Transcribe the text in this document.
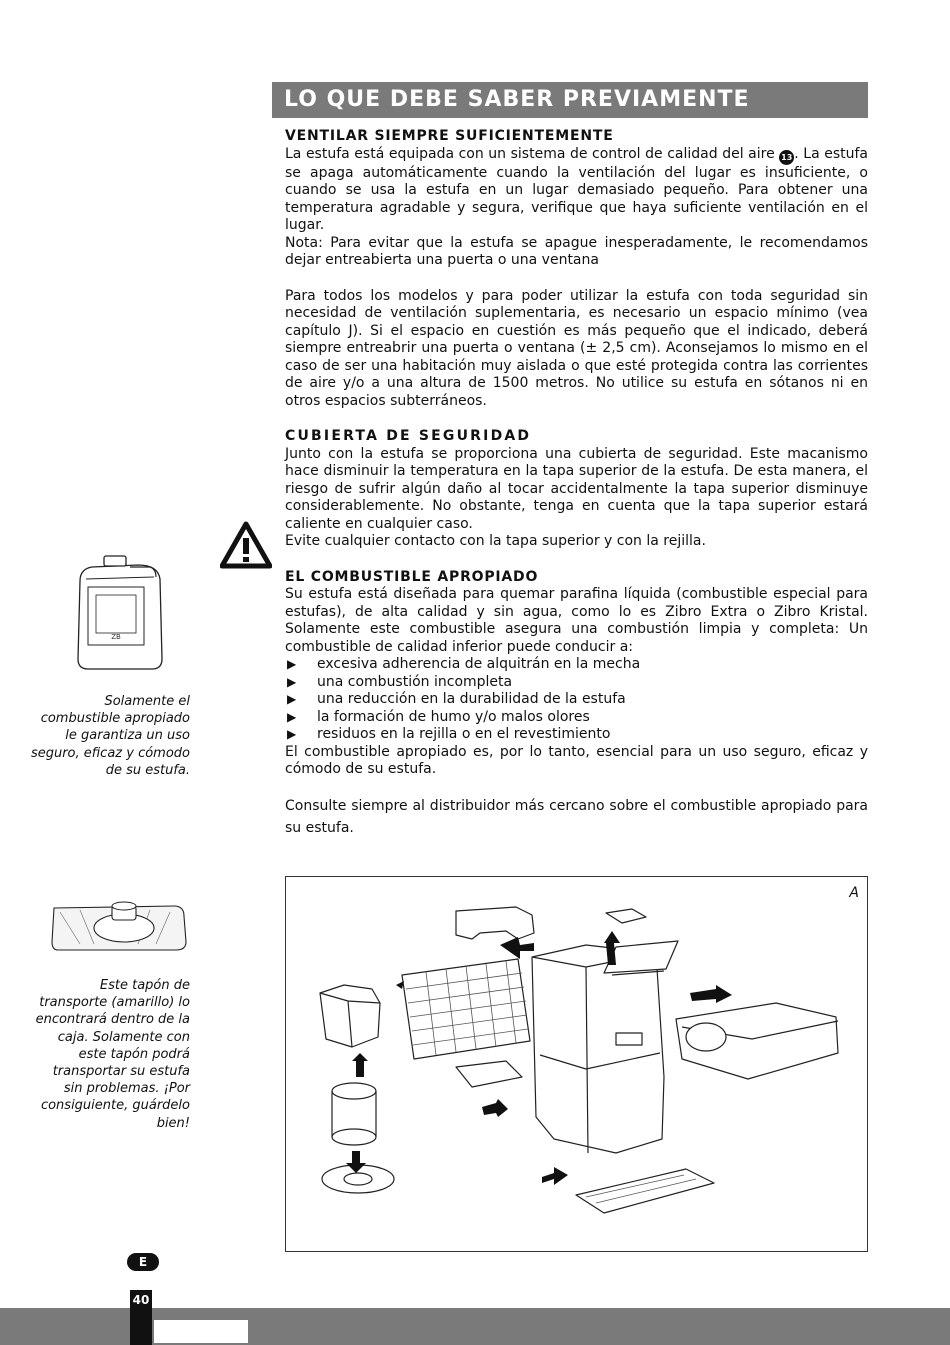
LO QUE DEBE SABER PREVIAMENTE
VENTILAR SIEMPRE SUFICIENTEMENTE

La estufa está equipada con un sistema de control de calidad del aire 13 . La estufa se apaga automáticamente cuando la ventilación del lugar es insuficiente, o cuando se usa la estufa en un lugar demasiado pequeño. Para obtener una temperatura agradable y segura, verifique que haya suficiente ventilación en el lugar.

Nota: Para evitar que la estufa se apague inesperadamente, le recomendamos dejar entreabierta una puerta o una ventana

Para todos los modelos y para poder utilizar la estufa con toda seguridad sin necesidad de ventilación suplementaria, es necesario un espacio mínimo (vea capítulo J). Si el espacio en cuestión es más pequeño que el indicado, deberá siempre entreabrir una puerta o ventana (± 2,5 cm). Aconsejamos lo mismo en el caso de ser una habitación muy aislada o que esté protegida contra las corrientes de aire y/o a una altura de 1500 metros. No utilice su estufa en sótanos ni en otros espacios subterráneos.

CUBIERTA DE SEGURIDAD

Junto con la estufa se proporciona una cubierta de seguridad. Este macanismo hace disminuir la temperatura en la tapa superior de la estufa. De esta manera, el riesgo de sufrir algún daño al tocar accidentalmente la tapa superior disminuye considerablemente. No obstante, tenga en cuenta que la tapa superior estará caliente en cualquier caso.

Evite cualquier contacto con la tapa superior y con la rejilla.

EL COMBUSTIBLE APROPIADO

Su estufa está diseñada para quemar parafina líquida (combustible especial para estufas), de alta calidad y sin agua, como lo es Zibro Extra o Zibro Kristal. Solamente este combustible asegura una combustión limpia y completa: Un combustible de calidad inferior puede conducir a:

▶ excesiva adherencia de alquitrán en la mecha
▶ una combustión incompleta
▶ una reducción en la durabilidad de la estufa
▶ la formación de humo y/o malos olores
▶ residuos en la rejilla o en el revestimiento

El combustible apropiado es, por lo tanto, esencial para un uso seguro, eficaz y cómodo de su estufa.

Consulte siempre al distribuidor más cercano sobre el combustible apropiado para su estufa.

ZB
Solamente el combustible apropiado le garantiza un uso seguro, eficaz y cómodo de su estufa.
Este tapón de transporte (amarillo) lo encontrará dentro de la caja. Solamente con este tapón podrá transportar su estufa sin problemas. ¡Por consiguiente, guárdelo bien!
A
E
40
